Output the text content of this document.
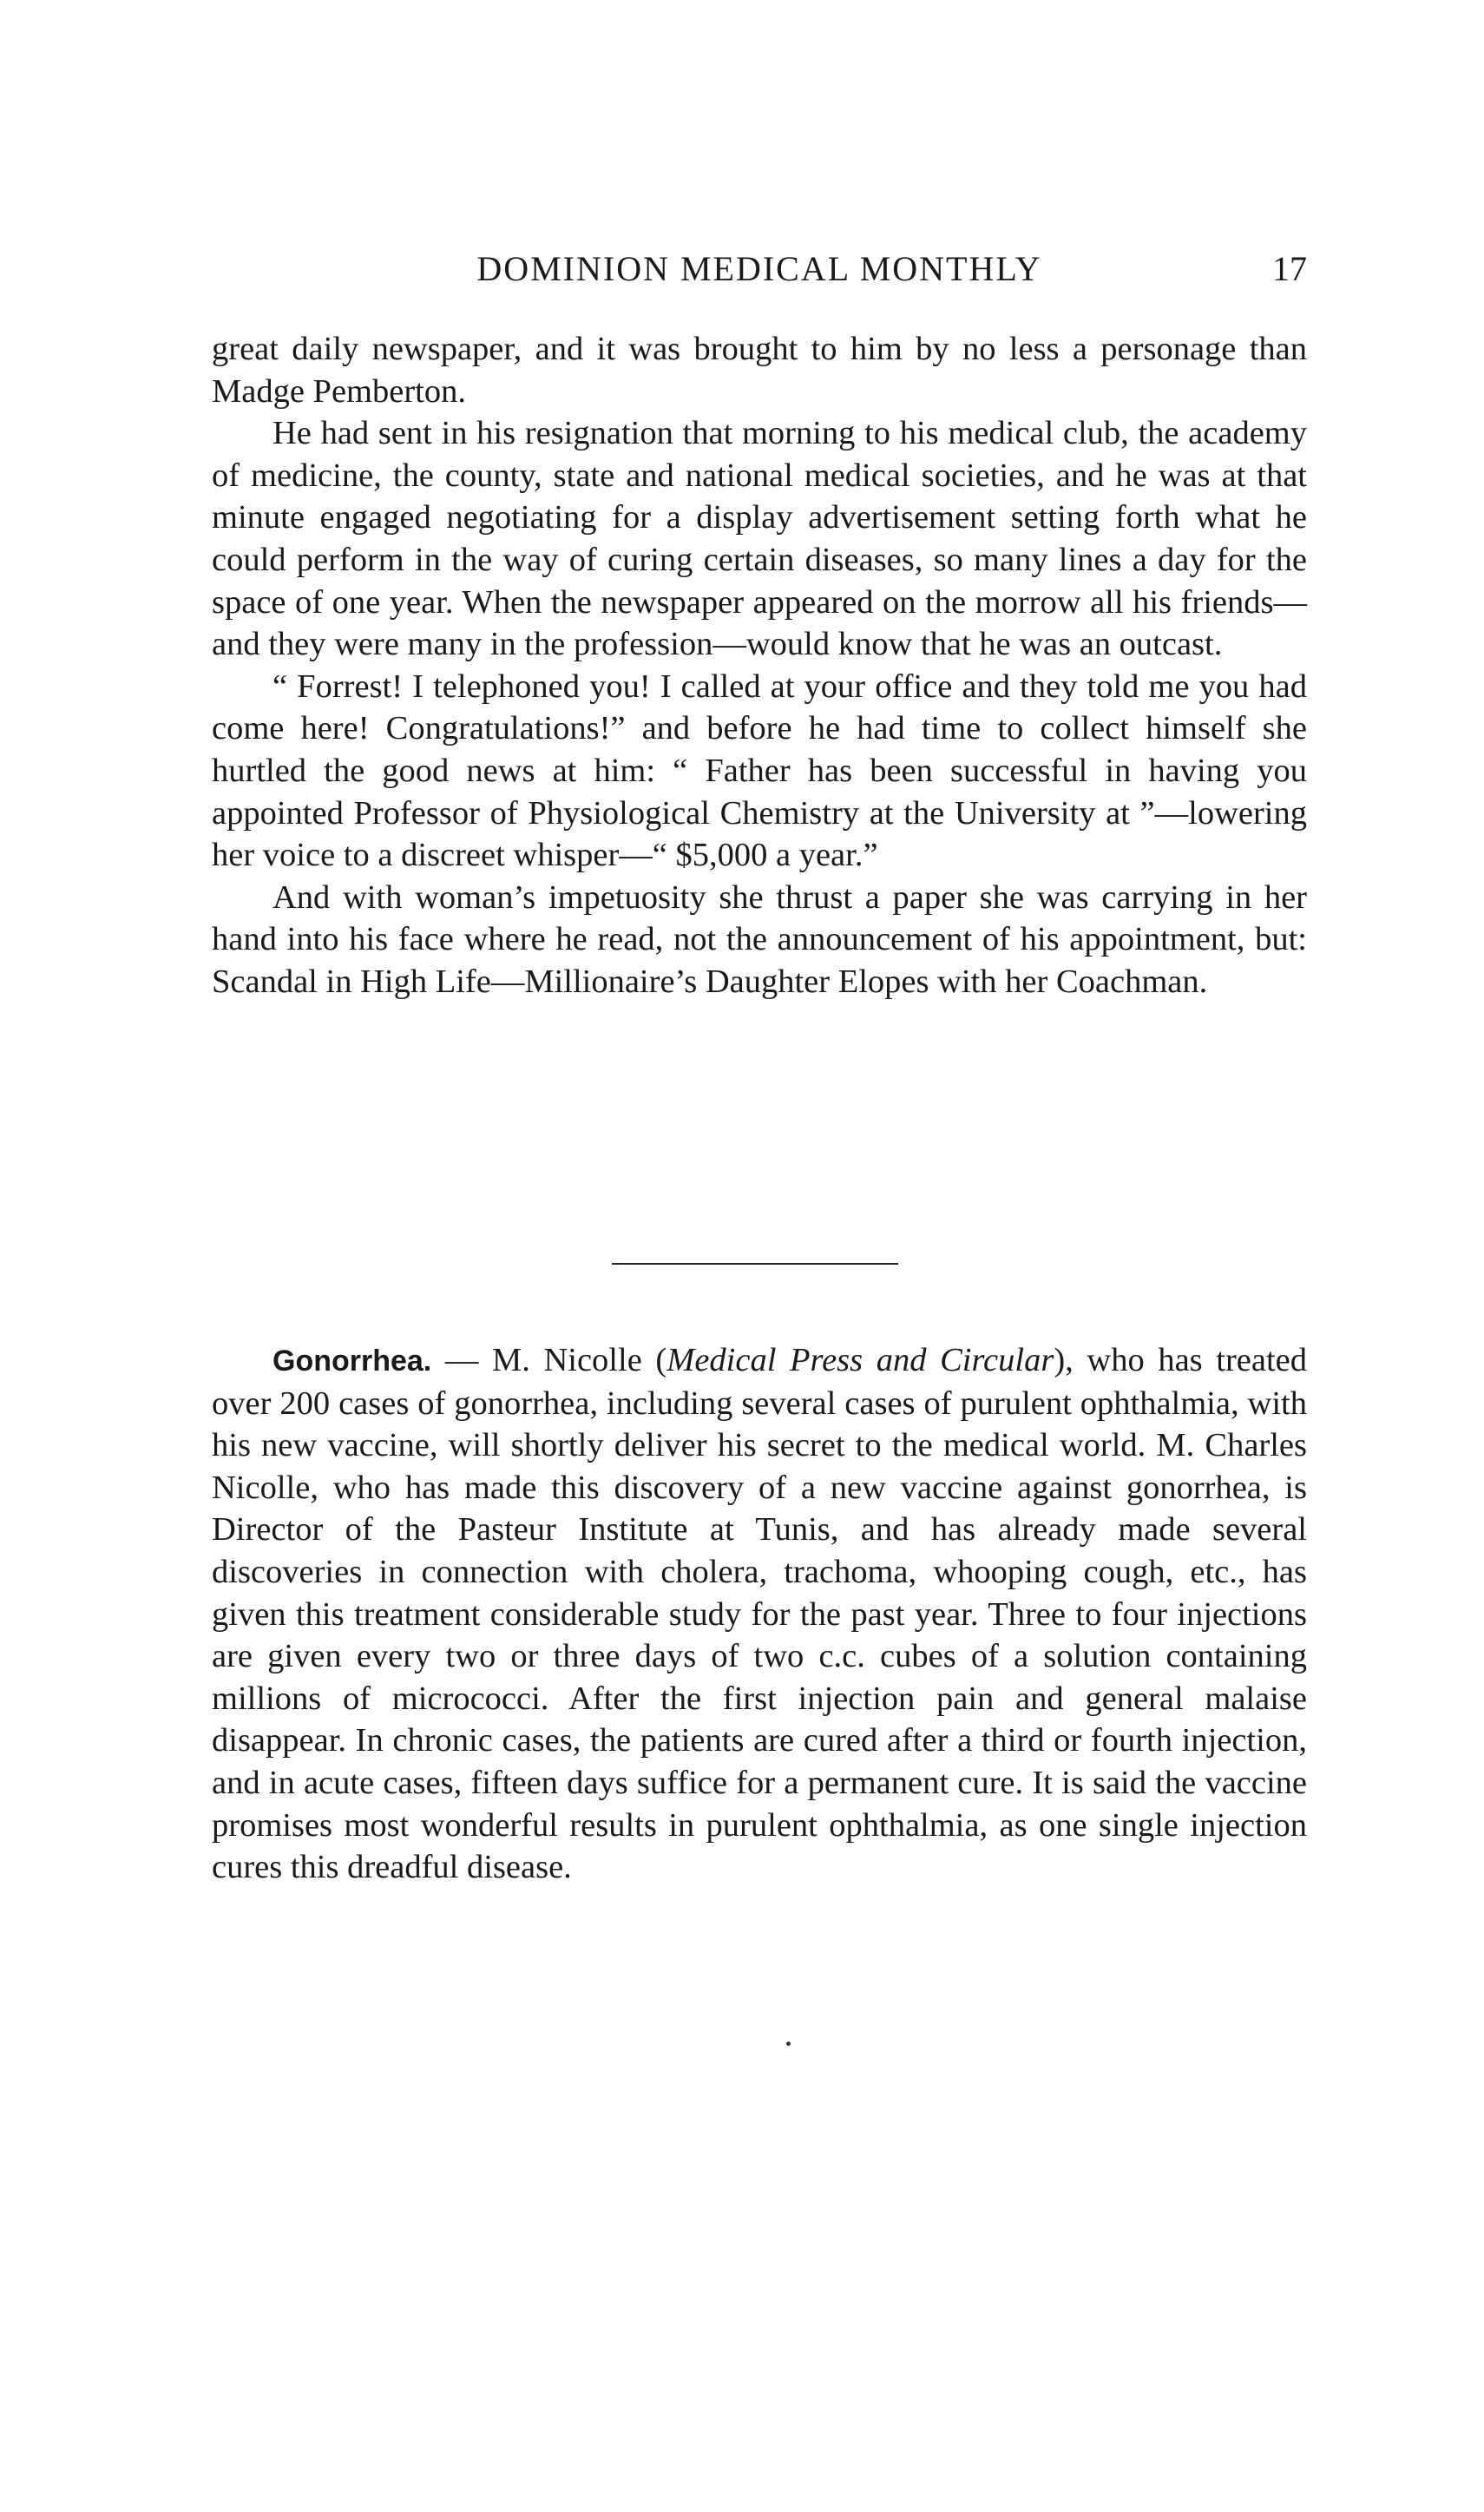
DOMINION MEDICAL MONTHLY	17

great daily newspaper, and it was brought to him by no less a personage than Madge Pemberton.

He had sent in his resignation that morning to his medical club, the academy of medicine, the county, state and national medical societies, and he was at that minute engaged negotiating for a display advertisement setting forth what he could perform in the way of curing certain diseases, so many lines a day for the space of one year. When the newspaper appeared on the morrow all his friends—and they were many in the profession—would know that he was an outcast.

“ Forrest! I telephoned you! I called at your office and they told me you had come here! Congratulations!” and before he had time to collect himself she hurtled the good news at him: “ Father has been successful in having you appointed Professor of Physiological Chemistry at the University at ”—lowering her voice to a discreet whisper—“ $5,000 a year.”

And with woman’s impetuosity she thrust a paper she was carrying in her hand into his face where he read, not the announcement of his appointment, but: Scandal in High Life—Millionaire’s Daughter Elopes with her Coachman.

Gonorrhea. — M. Nicolle (Medical Press and Circular), who has treated over 200 cases of gonorrhea, including several cases of purulent ophthalmia, with his new vaccine, will shortly deliver his secret to the medical world. M. Charles Nicolle, who has made this discovery of a new vaccine against gonorrhea, is Director of the Pasteur Institute at Tunis, and has already made several discoveries in connection with cholera, trachoma, whooping cough, etc., has given this treatment considerable study for the past year. Three to four injections are given every two or three days of two c.c. cubes of a solution containing millions of micrococci. After the first injection pain and general malaise disappear. In chronic cases, the patients are cured after a third or fourth injection, and in acute cases, fifteen days suffice for a permanent cure. It is said the vaccine promises most wonderful results in purulent ophthalmia, as one single injection cures this dreadful disease.
